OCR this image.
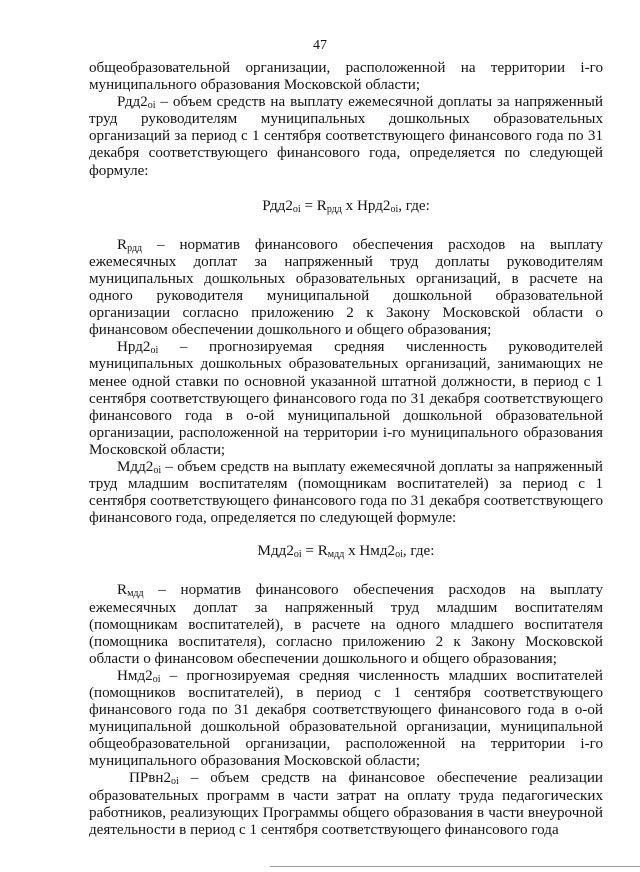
47

общеобразовательной организации, расположенной на территории i-го муниципального образования Московской области;

$Рдд2_{oi}$ – объем средств на выплату ежемесячной доплаты за напряженный труд руководителям муниципальных дошкольных образовательных организаций за период с 1 сентября соответствующего финансового года по 31 декабря соответствующего финансового года, определяется по следующей формуле:

$Рдд2_{oi} = R_{рдд}$ х $Нрд2_{oi}$, где:

$R_{рдд}$ – норматив финансового обеспечения расходов на выплату ежемесячных доплат за напряженный труд доплаты руководителям муниципальных дошкольных образовательных организаций, в расчете на одного руководителя муниципальной дошкольной образовательной организации согласно приложению 2 к Закону Московской области о финансовом обеспечении дошкольного и общего образования;

$Нрд2_{oi}$ – прогнозируемая средняя численность руководителей муниципальных дошкольных образовательных организаций, занимающих не менее одной ставки по основной указанной штатной должности, в период с 1 сентября соответствующего финансового года по 31 декабря соответствующего финансового года в о-ой муниципальной дошкольной образовательной организации, расположенной на территории i-го муниципального образования Московской области;

$Мдд2_{oi}$ – объем средств на выплату ежемесячной доплаты за напряженный труд младшим воспитателям (помощникам воспитателей) за период с 1 сентября соответствующего финансового года по 31 декабря соответствующего финансового года, определяется по следующей формуле:

$Мдд2_{oi} = R_{мдд}$ х $Нмд2_{oi}$, где:

$R_{мдд}$ – норматив финансового обеспечения расходов на выплату ежемесячных доплат за напряженный труд младшим воспитателям (помощникам воспитателей), в расчете на одного младшего воспитателя (помощника воспитателя), согласно приложению 2 к Закону Московской области о финансовом обеспечении дошкольного и общего образования;

$Нмд2_{oi}$ – прогнозируемая средняя численность младших воспитателей (помощников воспитателей), в период с 1 сентября соответствующего финансового года по 31 декабря соответствующего финансового года в о-ой муниципальной дошкольной образовательной организации, муниципальной общеобразовательной организации, расположенной на территории i-го муниципального образования Московской области;

$ПРвн2_{oi}$ – объем средств на финансовое обеспечение реализации образовательных программ в части затрат на оплату труда педагогических работников, реализующих Программы общего образования в части внеурочной деятельности в период с 1 сентября соответствующего финансового года
